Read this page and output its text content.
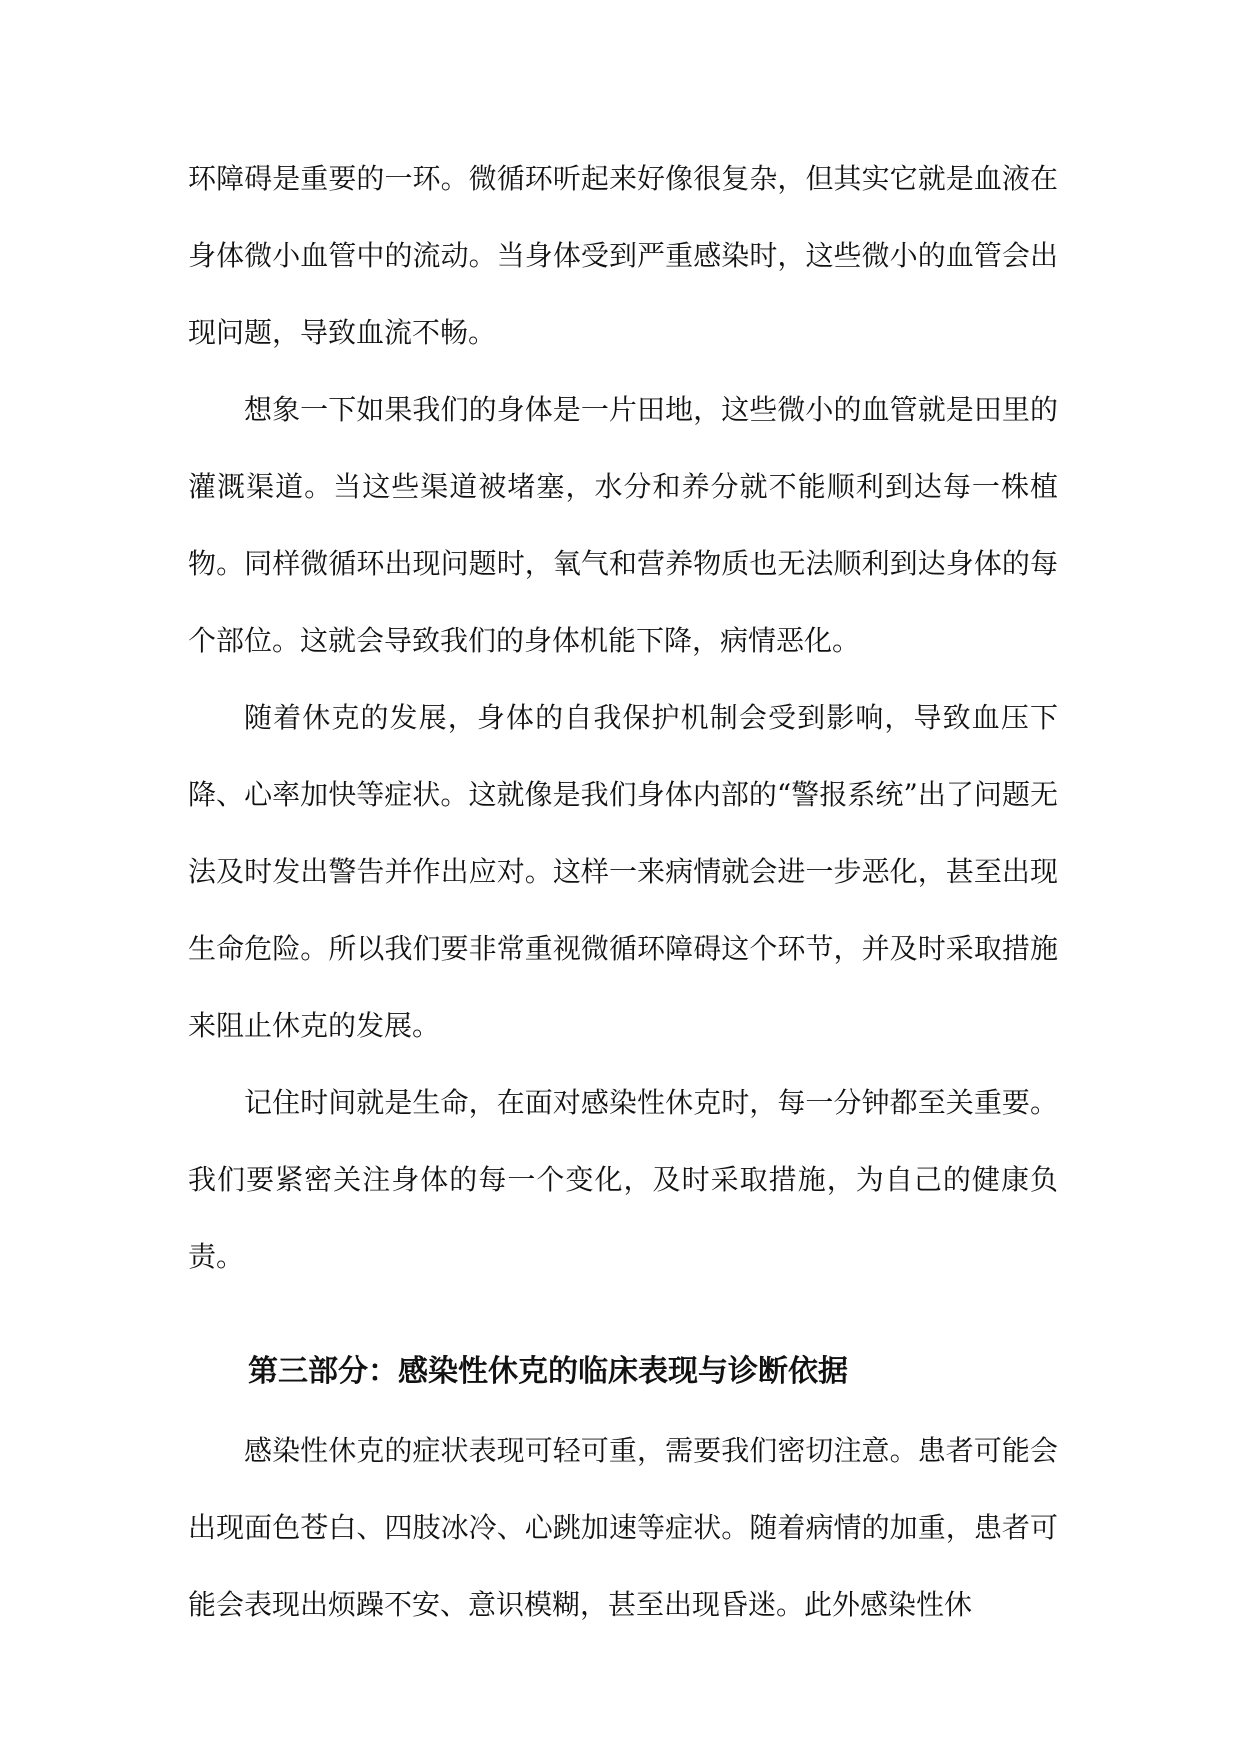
环障碍是重要的一环。微循环听起来好像很复杂，但其实它就是血液在身体微小血管中的流动。当身体受到严重感染时，这些微小的血管会出现问题，导致血流不畅。

想象一下如果我们的身体是一片田地，这些微小的血管就是田里的灌溉渠道。当这些渠道被堵塞，水分和养分就不能顺利到达每一株植物。同样微循环出现问题时，氧气和营养物质也无法顺利到达身体的每个部位。这就会导致我们的身体机能下降，病情恶化。

随着休克的发展，身体的自我保护机制会受到影响，导致血压下降、心率加快等症状。这就像是我们身体内部的“警报系统”出了问题无法及时发出警告并作出应对。这样一来病情就会进一步恶化，甚至出现生命危险。所以我们要非常重视微循环障碍这个环节，并及时采取措施来阻止休克的发展。

记住时间就是生命，在面对感染性休克时，每一分钟都至关重要。我们要紧密关注身体的每一个变化，及时采取措施，为自己的健康负责。

第三部分：感染性休克的临床表现与诊断依据

感染性休克的症状表现可轻可重，需要我们密切注意。患者可能会出现面色苍白、四肢冰冷、心跳加速等症状。随着病情的加重，患者可能会表现出烦躁不安、意识模糊，甚至出现昏迷。此外感染性休
